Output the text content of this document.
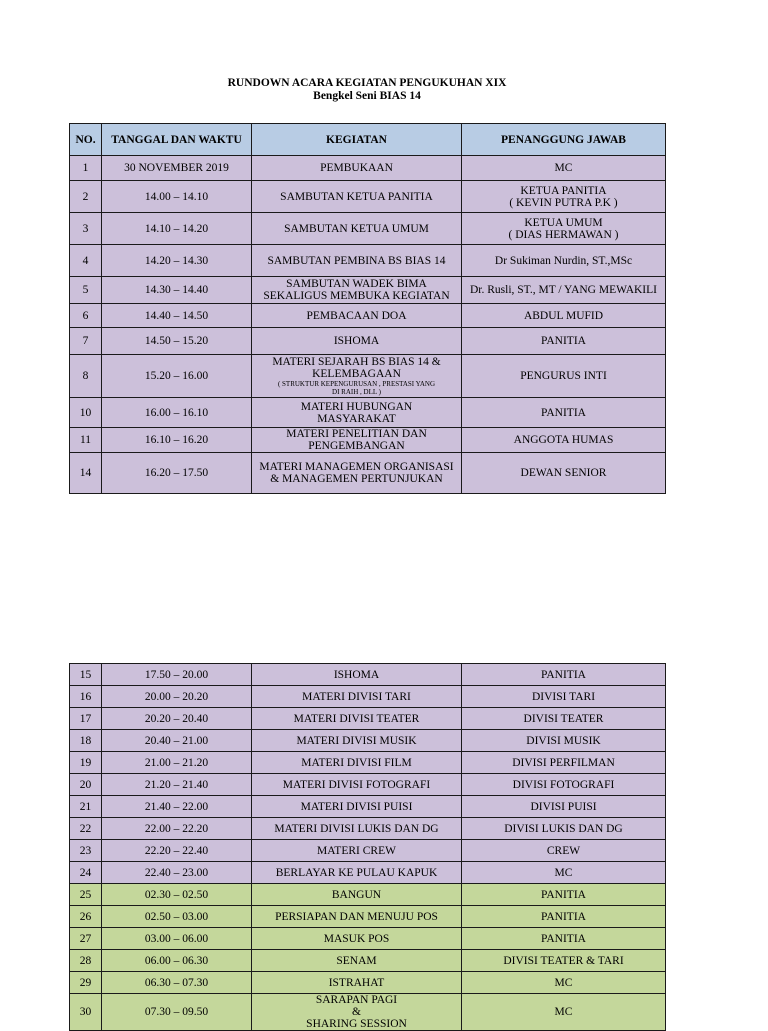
RUNDOWN ACARA KEGIATAN PENGUKUHAN XIX
Bengkel Seni BIAS 14
NO.	TANGGAL DAN WAKTU	KEGIATAN	PENANGGUNG JAWAB
1	30 NOVEMBER 2019	PEMBUKAAN	MC
2	14.00 – 14.10	SAMBUTAN KETUA PANITIA	KETUA PANITIA
( KEVIN PUTRA P.K )
3	14.10 – 14.20	SAMBUTAN KETUA UMUM	KETUA UMUM
( DIAS HERMAWAN )
4	14.20 – 14.30	SAMBUTAN PEMBINA BS BIAS 14	Dr Sukiman Nurdin, ST.,MSc
5	14.30 – 14.40	SAMBUTAN WADEK BIMA
SEKALIGUS MEMBUKA KEGIATAN	Dr. Rusli, ST., MT / YANG MEWAKILI
6	14.40 – 14.50	PEMBACAAN DOA	ABDUL MUFID
7	14.50 – 15.20	ISHOMA	PANITIA
8	15.20 – 16.00	MATERI SEJARAH BS BIAS 14 &
KELEMBAGAAN
( STRUKTUR KEPENGURUSAN , PRESTASI YANG
DI RAIH , DLL )	PENGURUS INTI
10	16.00 – 16.10	MATERI HUBUNGAN
MASYARAKAT	PANITIA
11	16.10 – 16.20	MATERI PENELITIAN DAN
PENGEMBANGAN	ANGGOTA HUMAS
14	16.20 – 17.50	MATERI MANAGEMEN ORGANISASI
& MANAGEMEN PERTUNJUKAN	DEWAN SENIOR
15	17.50 – 20.00	ISHOMA	PANITIA
16	20.00 – 20.20	MATERI DIVISI TARI	DIVISI TARI
17	20.20 – 20.40	MATERI DIVISI TEATER	DIVISI TEATER
18	20.40 – 21.00	MATERI DIVISI MUSIK	DIVISI MUSIK
19	21.00 – 21.20	MATERI DIVISI FILM	DIVISI PERFILMAN
20	21.20 – 21.40	MATERI DIVISI FOTOGRAFI	DIVISI FOTOGRAFI
21	21.40 – 22.00	MATERI DIVISI PUISI	DIVISI PUISI
22	22.00 – 22.20	MATERI DIVISI LUKIS DAN DG	DIVISI LUKIS DAN DG
23	22.20 – 22.40	MATERI CREW	CREW
24	22.40 – 23.00	BERLAYAR KE PULAU KAPUK	MC
25	02.30 – 02.50	BANGUN	PANITIA
26	02.50 – 03.00	PERSIAPAN DAN MENUJU POS	PANITIA
27	03.00 – 06.00	MASUK POS	PANITIA
28	06.00 – 06.30	SENAM	DIVISI TEATER & TARI
29	06.30 – 07.30	ISTRAHAT	MC
30	07.30 – 09.50	SARAPAN PAGI
&
SHARING SESSION	MC
